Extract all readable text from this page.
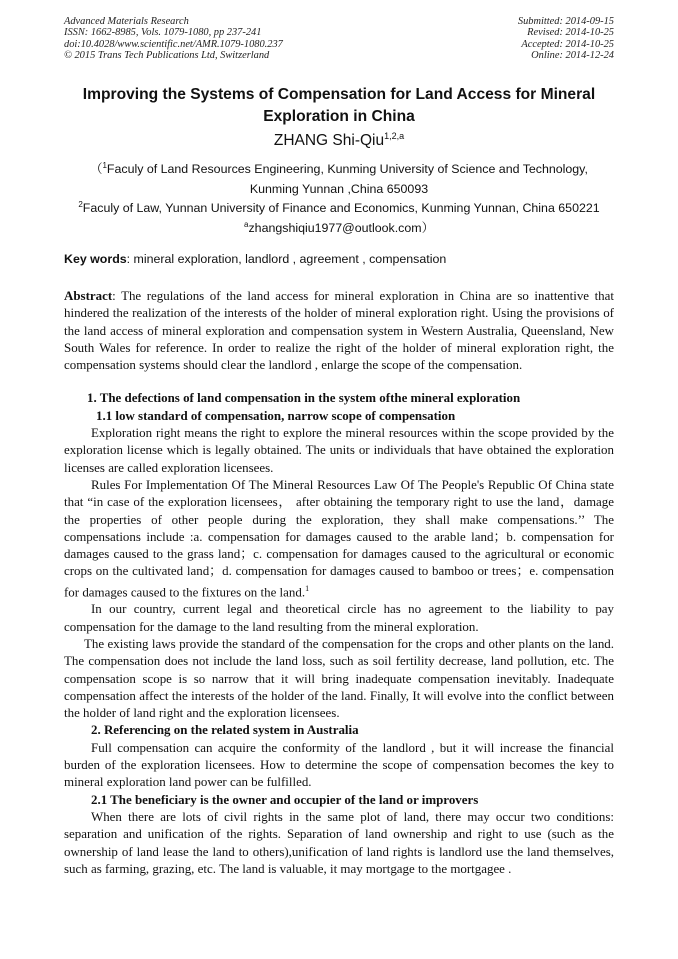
Advanced Materials Research
ISSN: 1662-8985, Vols. 1079-1080, pp 237-241
doi:10.4028/www.scientific.net/AMR.1079-1080.237
© 2015 Trans Tech Publications Ltd, Switzerland
Submitted: 2014-09-15
Revised: 2014-10-25
Accepted: 2014-10-25
Online: 2014-12-24
Improving the Systems of Compensation for Land Access for Mineral Exploration in China
ZHANG Shi-Qiu$^{1,2,a}$
（$^1$Faculy of Land Resources Engineering, Kunming University of Science and Technology,
Kunming Yunnan ,China 650093
$^2$Faculy of Law, Yunnan University of Finance and Economics, Kunming Yunnan, China 650221
$^a$zhangshiqiu1977@outlook.com）
Key words: mineral exploration, landlord , agreement , compensation

Abstract: The regulations of the land access for mineral exploration in China are so inattentive that hindered the realization of the interests of the holder of mineral exploration right. Using the provisions of the land access of mineral exploration and compensation system in Western Australia, Queensland, New South Wales for reference. In order to realize the right of the holder of mineral exploration right, the compensation systems should clear the landlord , enlarge the scope of the compensation.

1. The defections of land compensation in the system ofthe mineral exploration

1.1 low standard of compensation, narrow scope of compensation

Exploration right means the right to explore the mineral resources within the scope provided by the exploration license which is legally obtained. The units or individuals that have obtained the exploration licenses are called exploration licensees.

Rules For Implementation Of The Mineral Resources Law Of The People's Republic Of China state that “in case of the exploration licensees， after obtaining the temporary right to use the land，damage the properties of other people during the exploration, they shall make compensations.’’ The compensations include :a. compensation for damages caused to the arable land；b. compensation for damages caused to the grass land；c. compensation for damages caused to the agricultural or economic crops on the cultivated land；d. compensation for damages caused to bamboo or trees；e. compensation for damages caused to the fixtures on the land.$^1$

In our country, current legal and theoretical circle has no agreement to the liability to pay compensation for the damage to the land resulting from the mineral exploration.

The existing laws provide the standard of the compensation for the crops and other plants on the land. The compensation does not include the land loss, such as soil fertility decrease, land pollution, etc. The compensation scope is so narrow that it will bring inadequate compensation inevitably. Inadequate compensation affect the interests of the holder of the land. Finally, It will evolve into the conflict between the holder of land right and the exploration licensees.

2. Referencing on the related system in Australia

Full compensation can acquire the conformity of the landlord , but it will increase the financial burden of the exploration licensees. How to determine the scope of compensation becomes the key to mineral exploration land power can be fulfilled.

2.1 The beneficiary is the owner and occupier of the land or improvers

When there are lots of civil rights in the same plot of land, there may occur two conditions: separation and unification of the rights. Separation of land ownership and right to use (such as the ownership of land lease the land to others),unification of land rights is landlord use the land themselves, such as farming, grazing, etc. The land is valuable, it may mortgage to the mortgagee .
